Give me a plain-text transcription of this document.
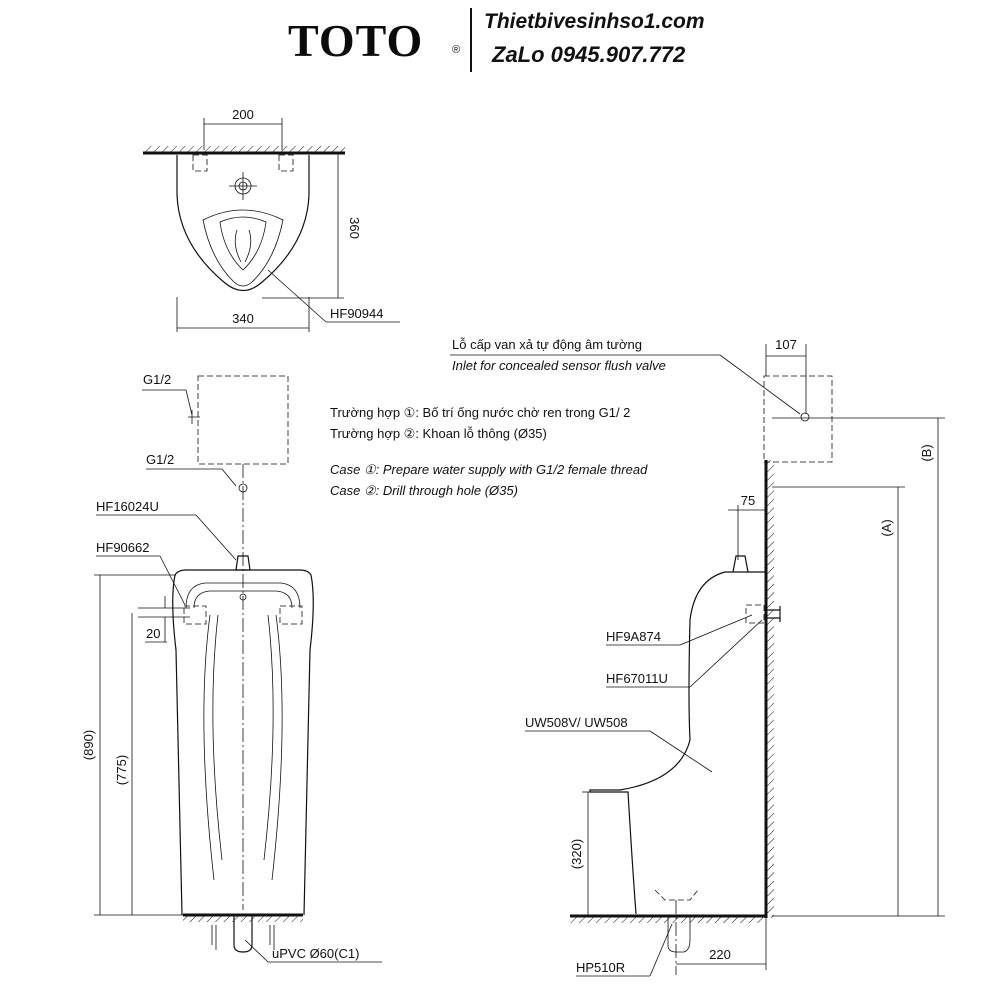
TOTO	®
Thietbivesinhso1.com
ZaLo 0945.907.772
200
360
340	HF90944
G1/2
G1/2
HF16024U
HF90662
uPVC Ø60(C1)
20
(890)
(775)
Lỗ cấp van xả tự động âm tường
Inlet for concealed sensor flush valve
107
Trường hợp ①: Bố trí ống nước chờ ren trong G1/ 2
Trường hợp ②: Khoan lỗ thông (Ø35)
Case ①: Prepare water supply with G1/2 female thread
Case ②: Drill through hole (Ø35)
(A)
(B)
75
HF9A874
HF67011U
UW508V/ UW508
(320)
HP510R
220
